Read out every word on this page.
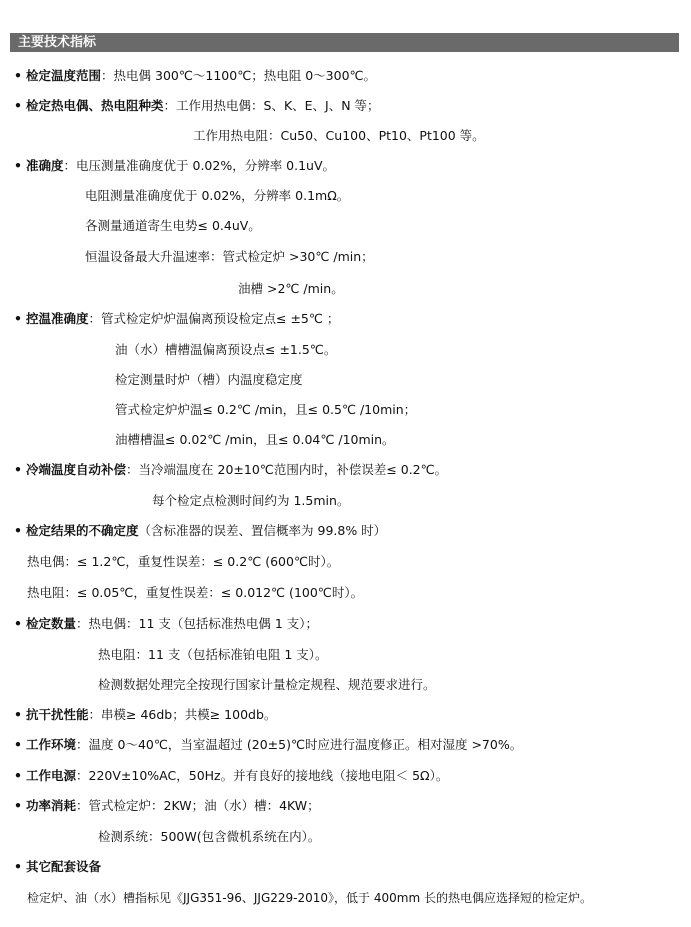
主要技术指标
• 检定温度范围：热电偶 300℃～1100℃；热电阻 0～300℃。
• 检定热电偶、热电阻种类：工作用热电偶：S、K、E、J、N 等；
工作用热电阻：Cu50、Cu100、Pt10、Pt100 等。
• 准确度：电压测量准确度优于 0.02%，分辨率 0.1uV。
电阻测量准确度优于 0.02%，分辨率 0.1mΩ。
各测量通道寄生电势≤ 0.4uV。
恒温设备最大升温速率：管式检定炉 >30℃ /min；
油槽 >2℃ /min。
• 控温准确度：管式检定炉炉温偏离预设检定点≤ ±5℃ ；
油（水）槽槽温偏离预设点≤ ±1.5℃。
检定测量时炉（槽）内温度稳定度
管式检定炉炉温≤ 0.2℃ /min，且≤ 0.5℃ /10min；
油槽槽温≤ 0.02℃ /min，且≤ 0.04℃ /10min。
• 冷端温度自动补偿：当冷端温度在 20±10℃范围内时，补偿误差≤ 0.2℃。
每个检定点检测时间约为 1.5min。
• 检定结果的不确定度（含标准器的误差、置信概率为 99.8% 时）
热电偶：≤ 1.2℃，重复性误差：≤ 0.2℃ (600℃时）。
热电阻：≤ 0.05℃，重复性误差：≤ 0.012℃ (100℃时）。
• 检定数量：热电偶：11 支（包括标准热电偶 1 支）；
热电阻：11 支（包括标准铂电阻 1 支）。
检测数据处理完全按现行国家计量检定规程、规范要求进行。
• 抗干扰性能：串模≥ 46db；共模≥ 100db。
• 工作环境：温度 0～40℃，当室温超过 (20±5)℃时应进行温度修正。相对湿度 >70%。
• 工作电源：220V±10%AC，50Hz。并有良好的接地线（接地电阻＜ 5Ω）。
• 功率消耗：管式检定炉：2KW；油（水）槽：4KW；
检测系统：500W(包含微机系统在内）。
• 其它配套设备
检定炉、油（水）槽指标见《JJG351-96、JJG229-2010》，低于 400mm 长的热电偶应选择短的检定炉。
